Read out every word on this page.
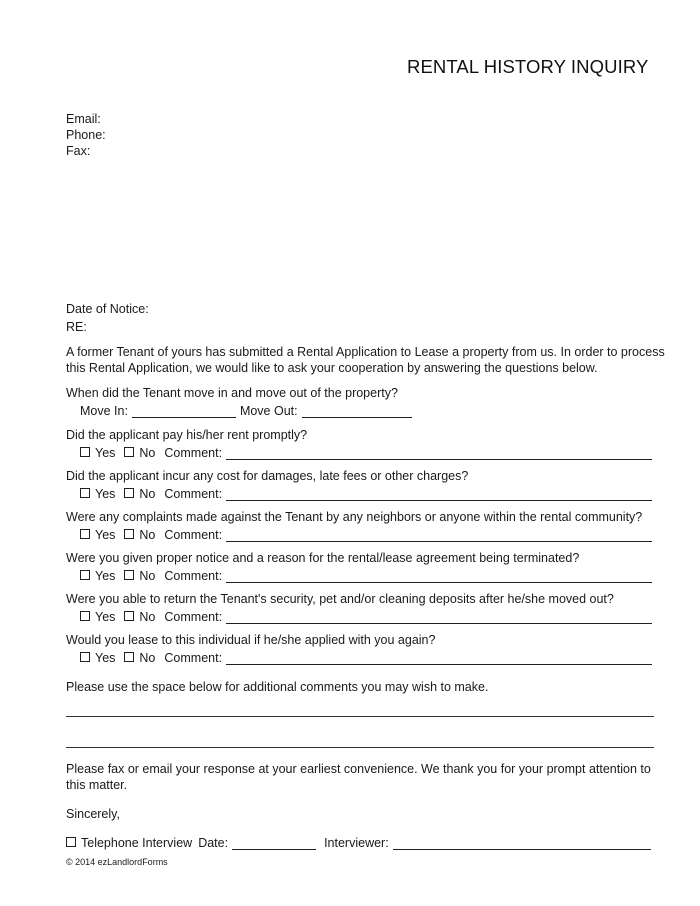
RENTAL HISTORY INQUIRY
Email:
Phone:
Fax:
Date of Notice:
RE:
A former Tenant of yours has submitted a Rental Application to Lease a property from us. In order to process this Rental Application, we would like to ask your cooperation by answering the questions below.
When did the Tenant move in and move out of the property?
Move In:	Move Out:
Did the applicant pay his/her rent promptly?
Yes No Comment:
Did the applicant incur any cost for damages, late fees or other charges?
Yes No Comment:
Were any complaints made against the Tenant by any neighbors or anyone within the rental community?
Yes No Comment:
Were you given proper notice and a reason for the rental/lease agreement being terminated?
Yes No Comment:
Were you able to return the Tenant's security, pet and/or cleaning deposits after he/she moved out?
Yes No Comment:
Would you lease to this individual if he/she applied with you again?
Yes No Comment:
Please use the space below for additional comments you may wish to make.
Please fax or email your response at your earliest convenience. We thank you for your prompt attention to this matter.
Sincerely,
Telephone Interview Date:	Interviewer:
© 2014 ezLandlordForms
